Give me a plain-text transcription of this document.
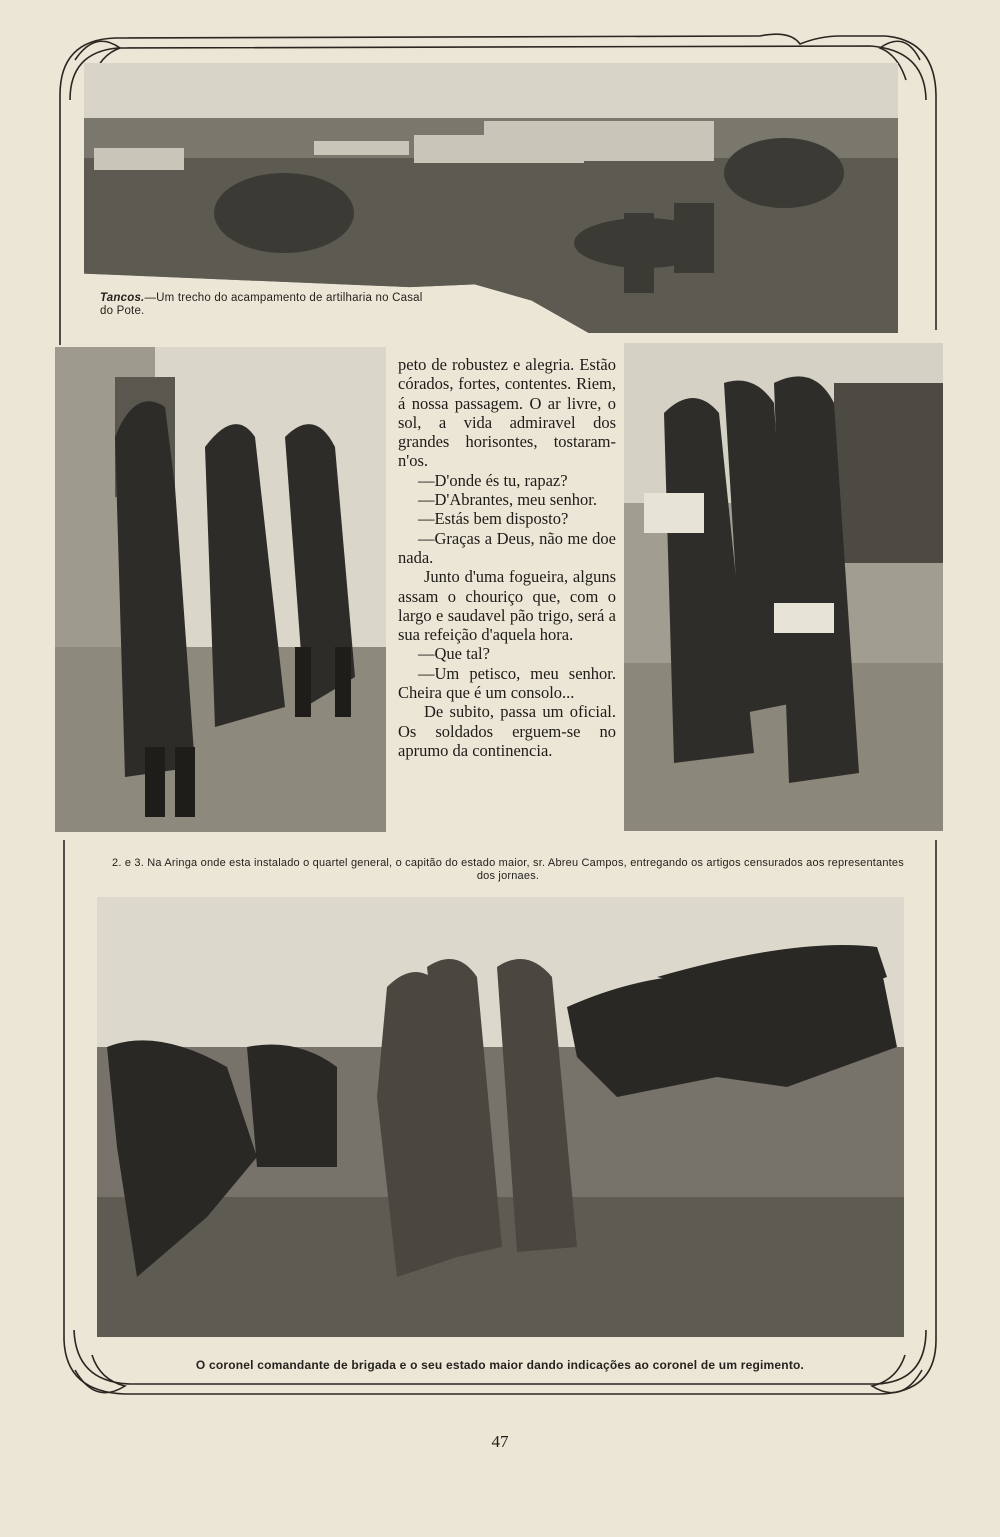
Tancos.—Um trecho do acampamento de artilharia no Casal do Pote.

peto de robustez e alegria. Estão córados, fortes, contentes. Riem, á nossa passagem. O ar livre, o sol, a vida admiravel dos grandes horisontes, tostaram-n'os.

—D'onde és tu, rapaz?

—D'Abrantes, meu senhor.

—Estás bem disposto?

—Graças a Deus, não me doe nada.

Junto d'uma fogueira, alguns assam o chouriço que, com o largo e saudavel pão trigo, será a sua refeição d'aquela hora.

—Que tal?

—Um petisco, meu senhor. Cheira que é um consolo...

De subito, passa um oficial. Os soldados erguem-se no aprumo da continencia.

2. e 3. Na Aringa onde esta instalado o quartel general, o capitão do estado maior, sr. Abreu Campos, entregando os artigos censurados aos representantes dos jornaes.
O coronel comandante de brigada e o seu estado maior dando indicações ao coronel de um regimento.
47
